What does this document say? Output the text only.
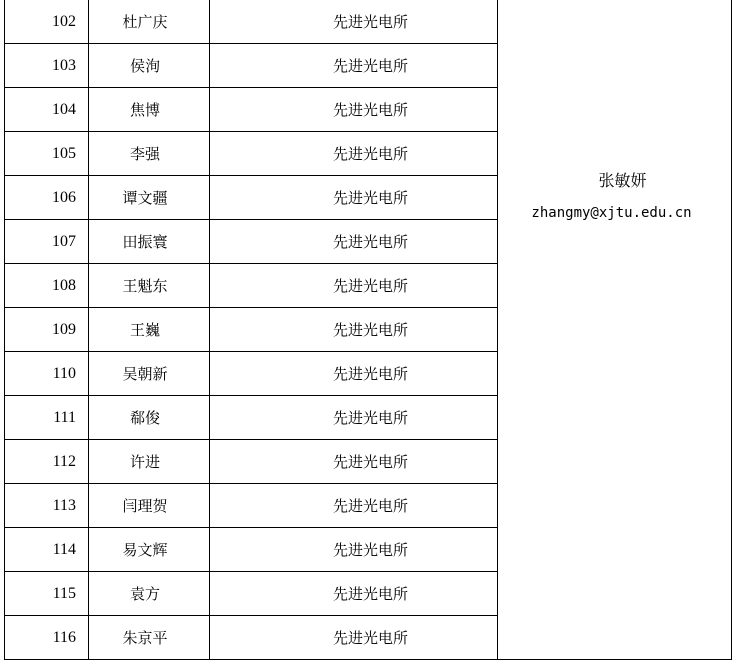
102	杜广庆	先进光电所	张敏妍
zhangmy@xjtu.edu.cn

103	侯洵	先进光电所	
104	焦博	先进光电所	
105	李强	先进光电所	
106	谭文疆	先进光电所	
107	田振寰	先进光电所	
108	王魁东	先进光电所	
109	王巍	先进光电所	
110	吴朝新	先进光电所	
111	郗俊	先进光电所	
112	许进	先进光电所	
113	闫理贺	先进光电所	
114	易文辉	先进光电所	
115	袁方	先进光电所	
116	朱京平	先进光电所	
